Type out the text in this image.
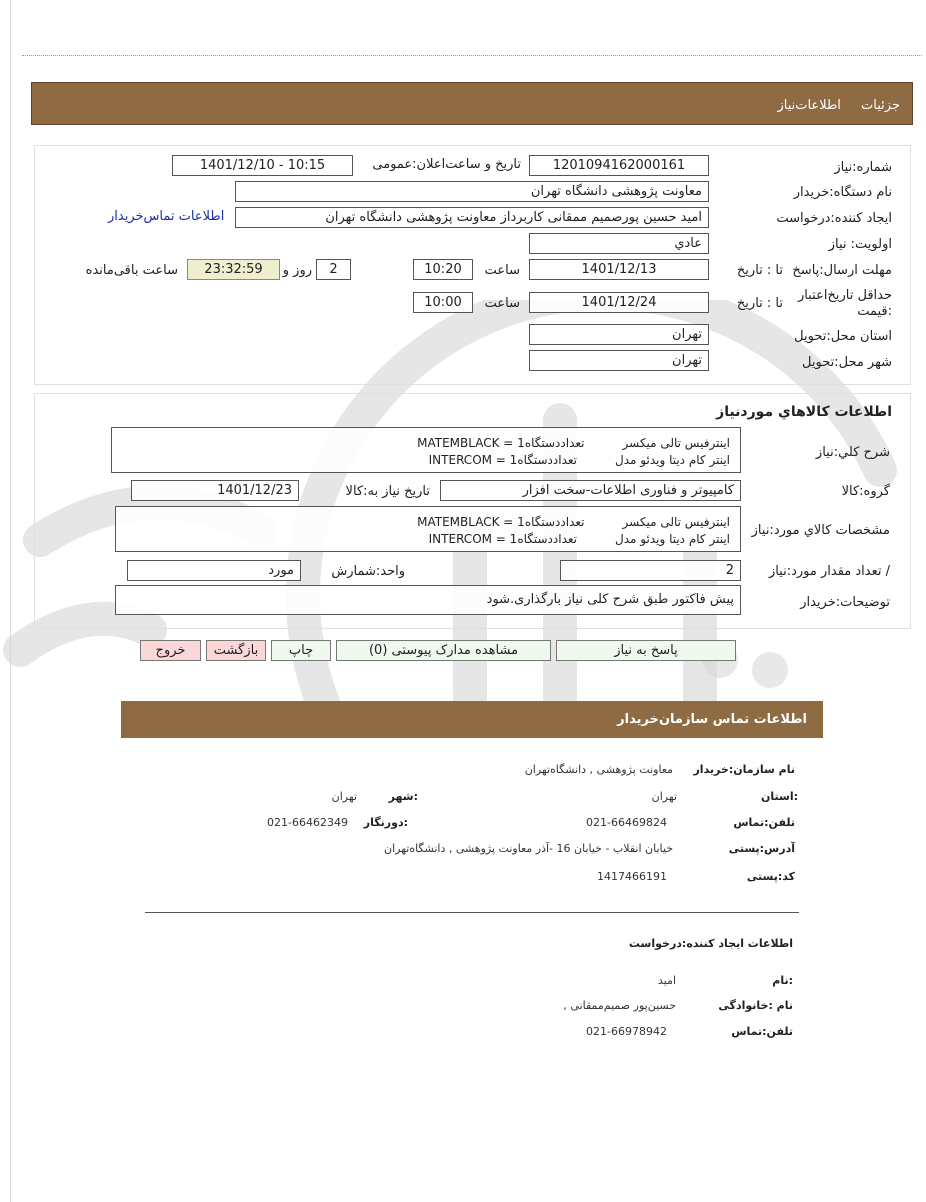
جزئیات اطلاعات‌نیاز
شماره:نیاز
1201094162000161
تاریخ و ساعت‌اعلان:عمومی
1401/12/10 - 10:15
نام دستگاه:خریدار
معاونت پژوهشی دانشگاه تهران
ایجاد کننده:درخواست
امید حسین پورصمیم ممقانی کاربرداز معاونت پژوهشی دانشگاه تهران
اطلاعات تماس‌خریدار
اولویت: نیاز
عادي
مهلت ارسال:پاسخ
تا : تاریخ
1401/12/13
ساعت
10:20
2
روز و
23:32:59
ساعت باقی‌مانده
حداقل تاریخ‌اعتبار
:قیمت
تا : تاریخ
1401/12/24
ساعت
10:00
استان محل:تحویل
تهران
شهر محل:تحویل
تهران
اطلاعات کالاهاي موردنیاز
شرح کلي:نیاز
اینترفیس تالی میکسرMATEMBLACK = تعداددستگاه1
اینتر کام دیتا ویدئو مدلINTERCOM = تعداددستگاه1
گروه:کالا
کامپیوتر و فناوری اطلاعات-سخت افزار
تاریخ نیاز به:کالا
1401/12/23
مشخصات کالاي مورد:نیاز
اینترفیس تالی میکسرMATEMBLACK = تعداددستگاه1
اینتر کام دیتا ویدئو مدلINTERCOM = تعداددستگاه1
/ تعداد مقدار مورد:نیاز
2
واحد:شمارش
مورد
توضیحات:خریدار
پیش فاکتور طبق شرح کلی نیاز بارگذاری.شود
پاسخ به نیاز
مشاهده مدارک پیوستی (0)
چاپ
بازگشت
خروج
اطلاعات تماس سازمان‌خریدار
نام سازمان:خریدار
معاونت پژوهشی , دانشگاه‌تهران
:استان
تهران
:شهر
تهران
تلفن:تماس
021-66469824
:دورنگار
021-66462349
آدرس:پستی
خیابان انقلاب - خیابان 16 -آذر معاونت پژوهشی , دانشگاه‌تهران
کد:پستی
1417466191
اطلاعات ایجاد کننده:درخواست
:نام
امید
نام :خانوادگی
حسین‌پور صمیم‌ممقانی ,
تلفن:تماس
021-66978942
